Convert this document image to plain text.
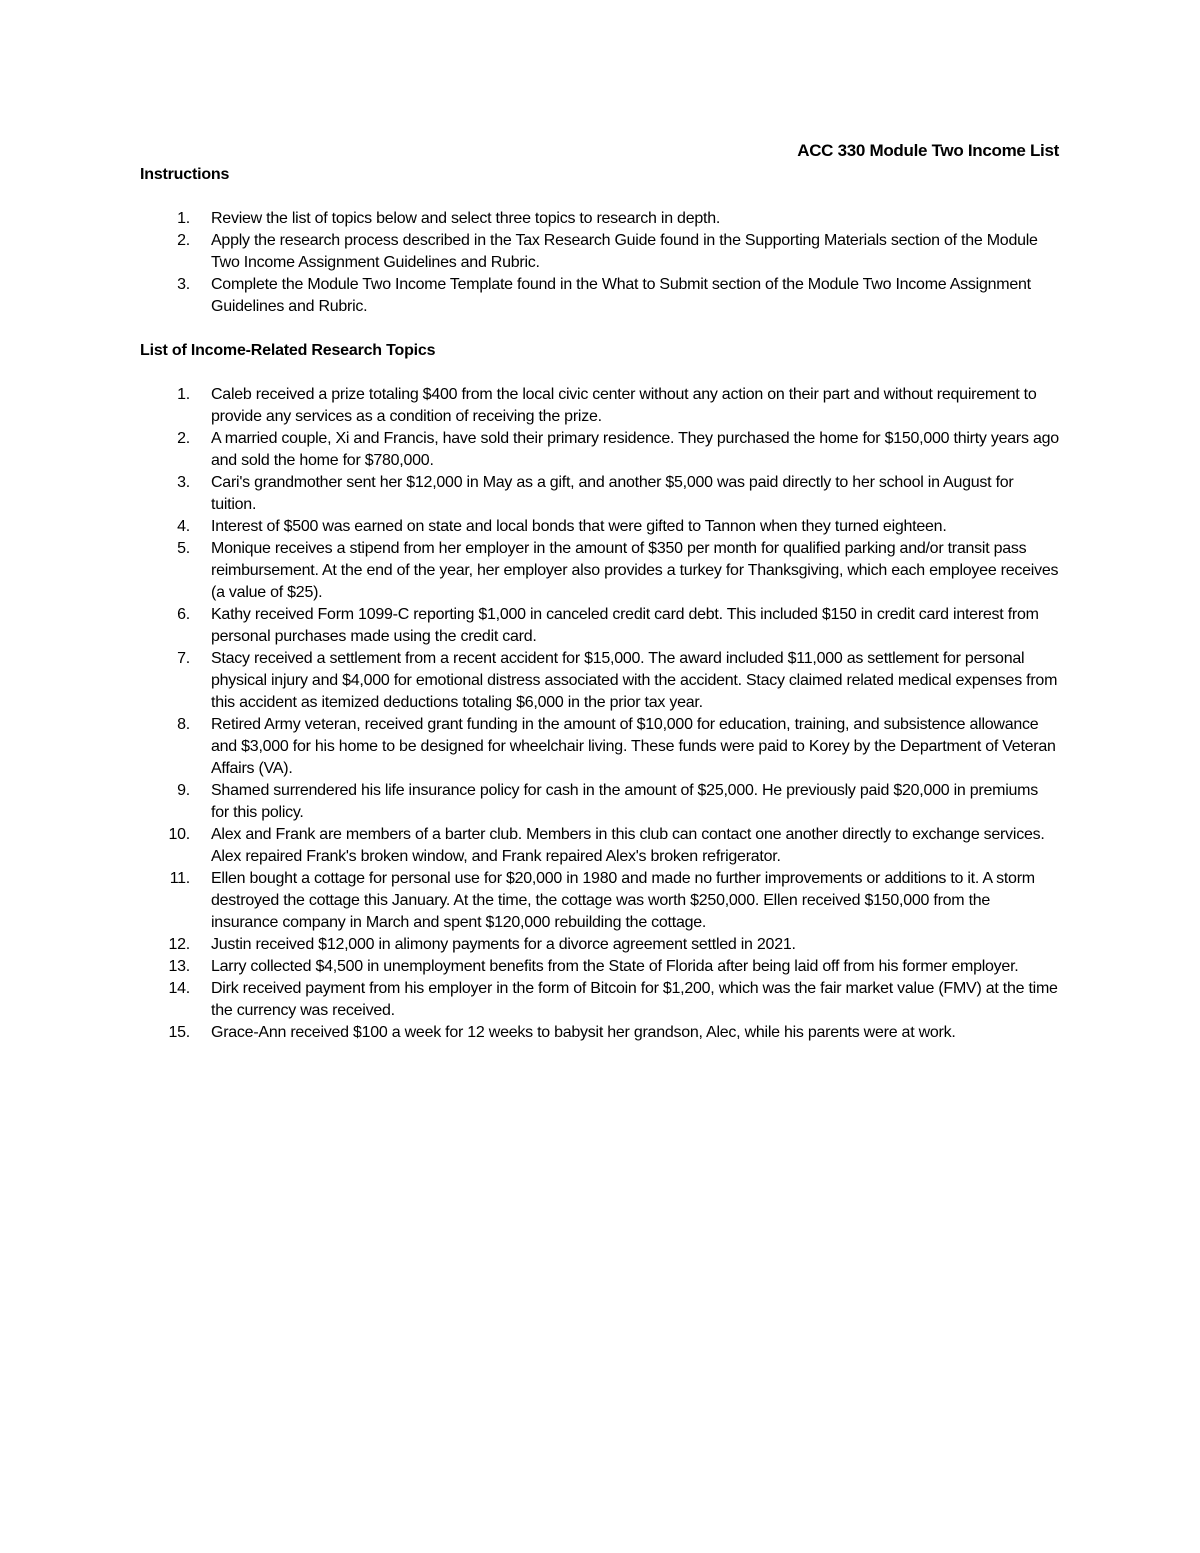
ACC 330 Module Two Income List
Instructions
1.	Review the list of topics below and select three topics to research in depth.
2.	Apply the research process described in the Tax Research Guide found in the Supporting Materials section of the Module Two Income Assignment Guidelines and Rubric.
3.	Complete the Module Two Income Template found in the What to Submit section of the Module Two Income Assignment Guidelines and Rubric.
List of Income-Related Research Topics
1.	Caleb received a prize totaling $400 from the local civic center without any action on their part and without requirement to provide any services as a condition of receiving the prize.
2.	A married couple, Xi and Francis, have sold their primary residence. They purchased the home for $150,000 thirty years ago and sold the home for $780,000.
3.	Cari's grandmother sent her $12,000 in May as a gift, and another $5,000 was paid directly to her school in August for tuition.
4.	Interest of $500 was earned on state and local bonds that were gifted to Tannon when they turned eighteen.
5.	Monique receives a stipend from her employer in the amount of $350 per month for qualified parking and/or transit pass reimbursement. At the end of the year, her employer also provides a turkey for Thanksgiving, which each employee receives (a value of $25).
6.	Kathy received Form 1099-C reporting $1,000 in canceled credit card debt. This included $150 in credit card interest from personal purchases made using the credit card.
7.	Stacy received a settlement from a recent accident for $15,000. The award included $11,000 as settlement for personal physical injury and $4,000 for emotional distress associated with the accident. Stacy claimed related medical expenses from this accident as itemized deductions totaling $6,000 in the prior tax year.
8.	Retired Army veteran, received grant funding in the amount of $10,000 for education, training, and subsistence allowance and $3,000 for his home to be designed for wheelchair living. These funds were paid to Korey by the Department of Veteran Affairs (VA).
9.	Shamed surrendered his life insurance policy for cash in the amount of $25,000. He previously paid $20,000 in premiums for this policy.
10.	Alex and Frank are members of a barter club. Members in this club can contact one another directly to exchange services. Alex repaired Frank's broken window, and Frank repaired Alex's broken refrigerator.
11.	Ellen bought a cottage for personal use for $20,000 in 1980 and made no further improvements or additions to it. A storm destroyed the cottage this January. At the time, the cottage was worth $250,000. Ellen received $150,000 from the insurance company in March and spent $120,000 rebuilding the cottage.
12.	Justin received $12,000 in alimony payments for a divorce agreement settled in 2021.
13.	Larry collected $4,500 in unemployment benefits from the State of Florida after being laid off from his former employer.
14.	Dirk received payment from his employer in the form of Bitcoin for $1,200, which was the fair market value (FMV) at the time the currency was received.
15.	Grace-Ann received $100 a week for 12 weeks to babysit her grandson, Alec, while his parents were at work.
